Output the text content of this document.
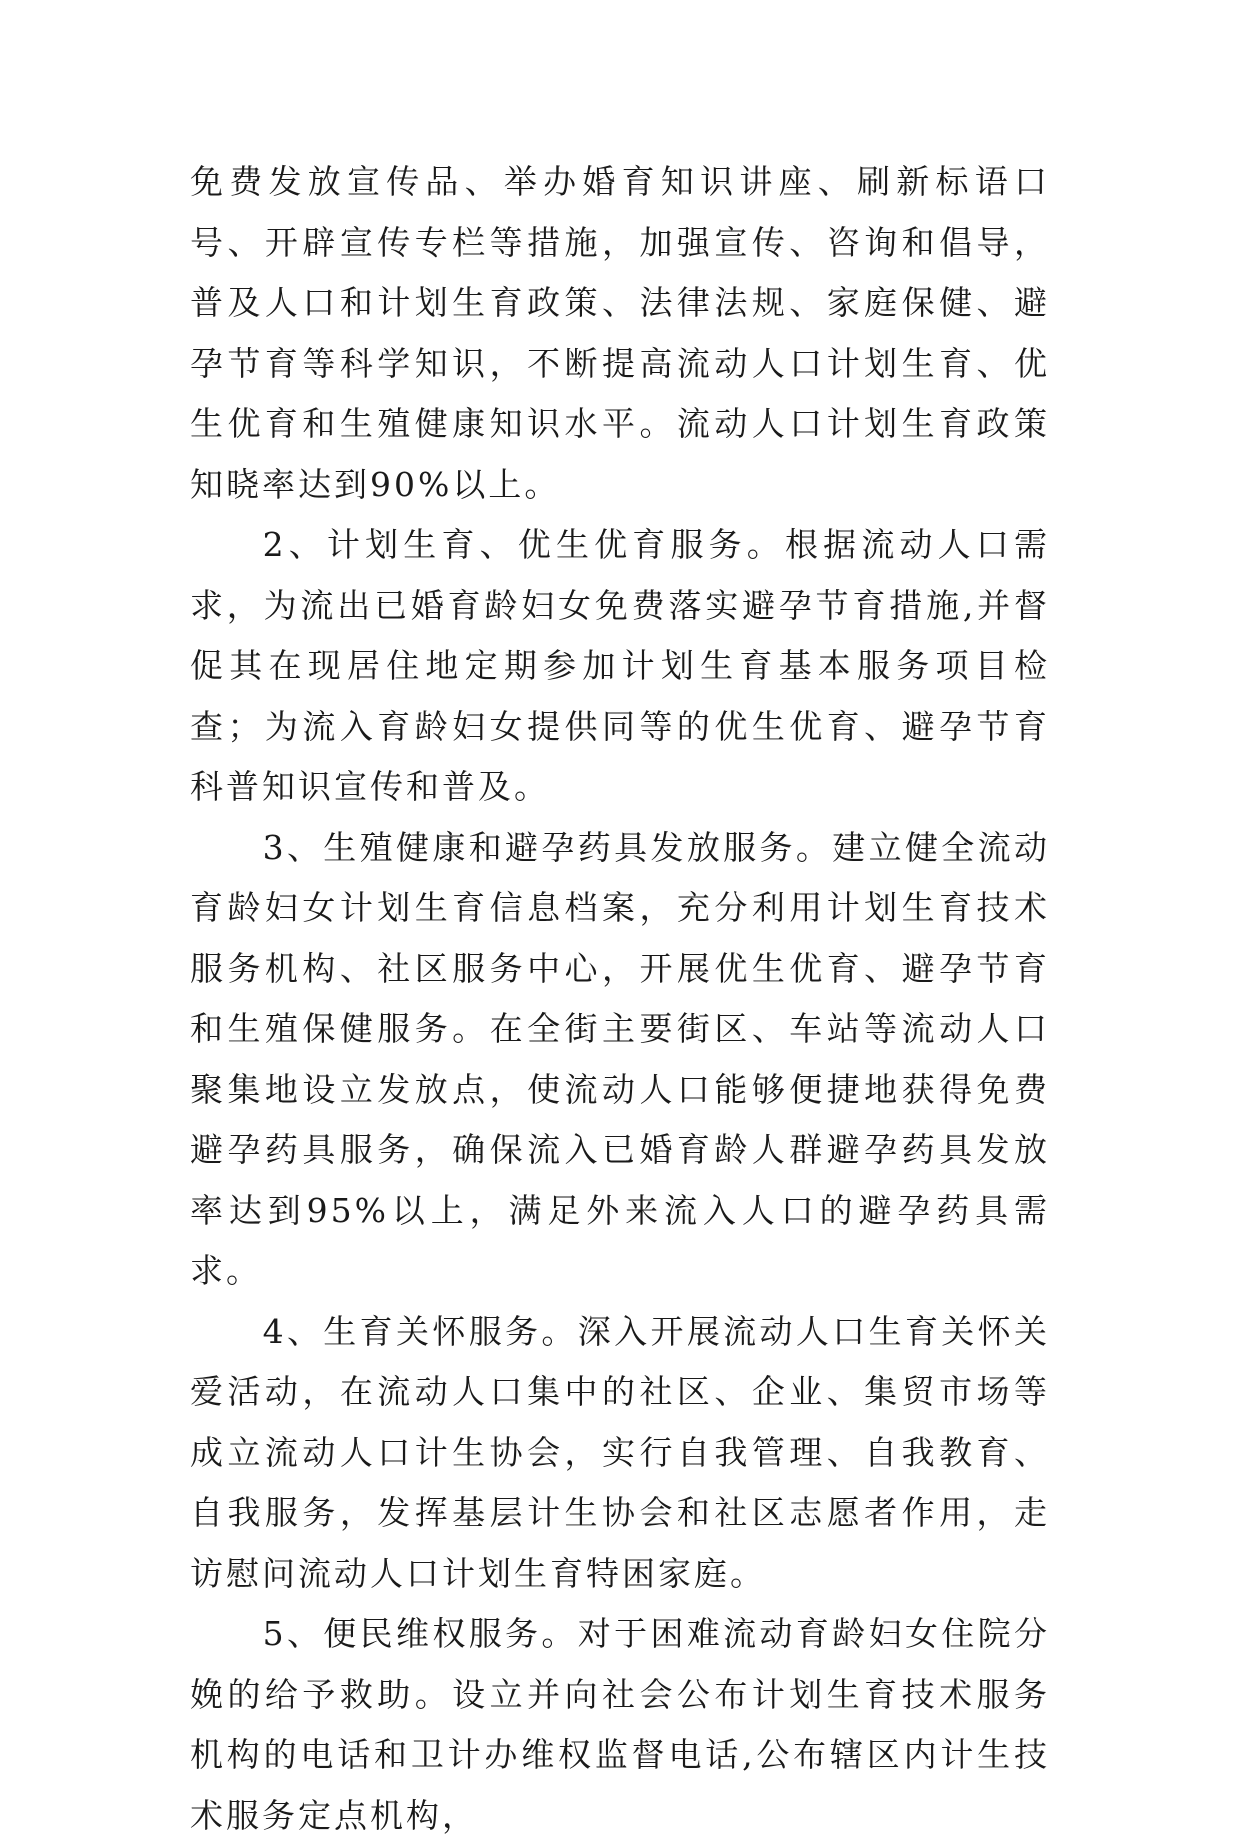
免费发放宣传品、举办婚育知识讲座、刷新标语口号、开辟宣传专栏等措施，加强宣传、咨询和倡导，普及人口和计划生育政策、法律法规、家庭保健、避孕节育等科学知识，不断提高流动人口计划生育、优生优育和生殖健康知识水平。流动人口计划生育政策知晓率达到90%以上。

2、计划生育、优生优育服务。根据流动人口需求，为流出已婚育龄妇女免费落实避孕节育措施,并督促其在现居住地定期参加计划生育基本服务项目检查；为流入育龄妇女提供同等的优生优育、避孕节育科普知识宣传和普及。

3、生殖健康和避孕药具发放服务。建立健全流动育龄妇女计划生育信息档案，充分利用计划生育技术服务机构、社区服务中心，开展优生优育、避孕节育和生殖保健服务。在全街主要街区、车站等流动人口聚集地设立发放点，使流动人口能够便捷地获得免费避孕药具服务，确保流入已婚育龄人群避孕药具发放率达到95%以上，满足外来流入人口的避孕药具需求。

4、生育关怀服务。深入开展流动人口生育关怀关爱活动，在流动人口集中的社区、企业、集贸市场等成立流动人口计生协会，实行自我管理、自我教育、自我服务，发挥基层计生协会和社区志愿者作用，走访慰问流动人口计划生育特困家庭。

5、便民维权服务。对于困难流动育龄妇女住院分娩的给予救助。设立并向社会公布计划生育技术服务机构的电话和卫计办维权监督电话,公布辖区内计生技术服务定点机构，
